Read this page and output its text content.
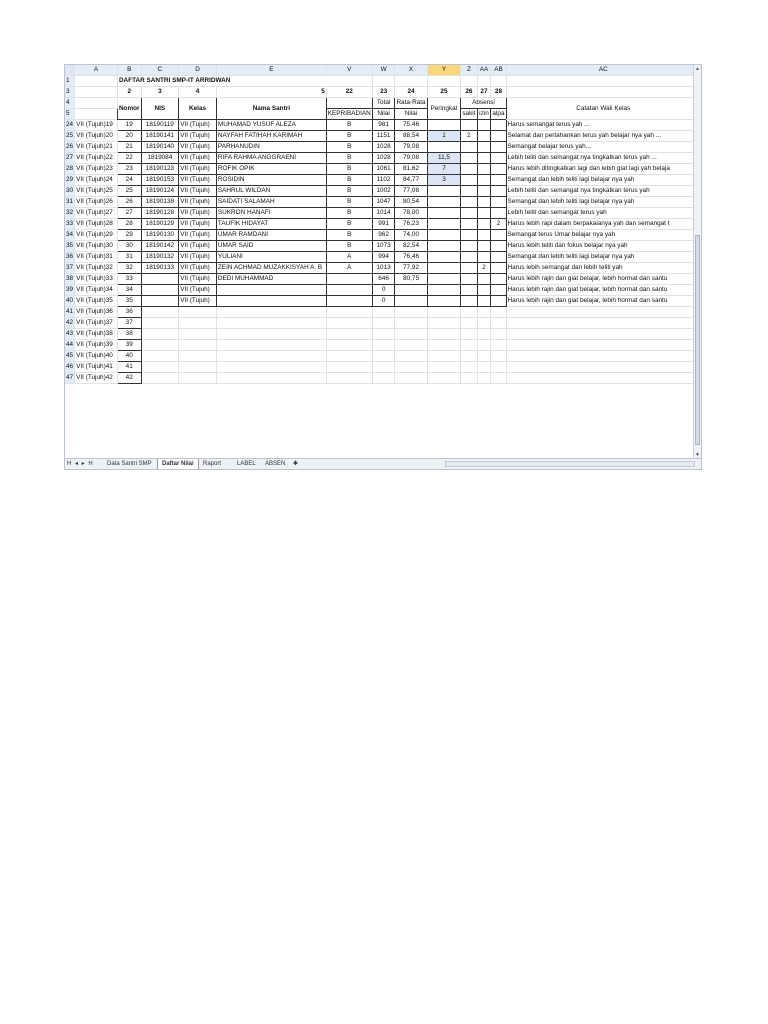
	A	B	C	D	E	V	W	X	Y	Z	AA	AB	AC
1		DAFTAR SANTRI SMP-IT ARRIDWAN											
3		2	3	4	5	22	23	24	25	26	27	28	
4		Nomor	NIS	Kelas	Nama Santri		Total	Rata-Rata	Peringkat	Absensi			Catatan Wali Kelas
5						KEPRIBADIAN	Nilai	Nilai		sakit	izin	alpa	
24	VII (Tujuh)19	19	18190119	VII (Tujuh)	MUHAMAD YUSUF ALEZA	B	981	75,46					Harus semangat terus yah ...
25	VII (Tujuh)20	20	18190141	VII (Tujuh)	NAYFAH FATIHAH KARIMAH	B	1151	88,54	1	2			Selamat dan pertahankan terus yah belajar nya yah ...
26	VII (Tujuh)21	21	18190140	VII (Tujuh)	PARHANUDIN	B	1028	79,08					Semangat belajar terus yah...
27	VII (Tujuh)22	22	1819084	VII (Tujuh)	RIFA RAHMA ANGGRAENI	B	1028	79,08	11,5				Lebih teliti dan semangat nya tingkatkan terus yah ...
28	VII (Tujuh)23	23	18190123	VII (Tujuh)	ROFIK OPIK	B	1061	81,62	7				Harus lebih ditingkatkan lagi dan lebih giat lagi yah belaja
29	VII (Tujuh)24	24	18190153	VII (Tujuh)	ROSIDIN	B	1102	84,77	3				Semangat dan lebih teliti lagi belajar nya yah
30	VII (Tujuh)25	25	18190124	VII (Tujuh)	SAHRUL WILDAN	B	1002	77,08					Lebih teliti dan semangat nya tingkatkan terus yah
31	VII (Tujuh)26	26	18190138	VII (Tujuh)	SAIDATI SALAMAH	B	1047	80,54					Semangat dan lebih teliti lagi belajar nya yah
32	VII (Tujuh)27	27	18190128	VII (Tujuh)	SUKRON HANAFI	B	1014	78,00					Lebih teliti dan semangat terus yah
33	VII (Tujuh)28	28	18190129	VII (Tujuh)	TAUFIK HIDAYAT	B	991	76,23				2	Harus lebih rapi dalam berpakaianya yah dan semangat t
34	VII (Tujuh)29	29	18190130	VII (Tujuh)	UMAR RAMDANI	B	962	74,00					Semangat terus Umar belajar nya yah
35	VII (Tujuh)30	30	18190142	VII (Tujuh)	UMAR SAID	B	1073	82,54					Harus lebih teliti dan fokus belajar nya yah
36	VII (Tujuh)31	31	18190132	VII (Tujuh)	YULIANI	A	994	76,46					Semangat dan lebih teliti lagi belajar nya yah
37	VII (Tujuh)32	32	18190133	VII (Tujuh)	ZEIN ACHMAD MUZAKKISYAH A. B	A	1013	77,92			2		Harus lebih semangat dan lebih teliti yah
38	VII (Tujuh)33	33		VII (Tujuh)	DEDI MUHAMMAD		646	80,75					Harus lebih rajin dan giat belajar, lebih hormat dan santu
39	VII (Tujuh)34	34		VII (Tujuh)			0						Harus lebih rajin dan giat belajar, lebih hormat dan santu
40	VII (Tujuh)35	35		VII (Tujuh)			0						Harus lebih rajin dan giat belajar, lebih hormat dan santu
41	VII (Tujuh)36	36											
42	VII (Tujuh)37	37											
43	VII (Tujuh)38	38											
44	VII (Tujuh)39	39											
45	VII (Tujuh)40	40											
46	VII (Tujuh)41	41											
47	VII (Tujuh)42	42											
▲
▼
H ◂ ▸ H	Data Santri SMP	Daftar Nilai	Raport	LABEL	ABSEN	✱
